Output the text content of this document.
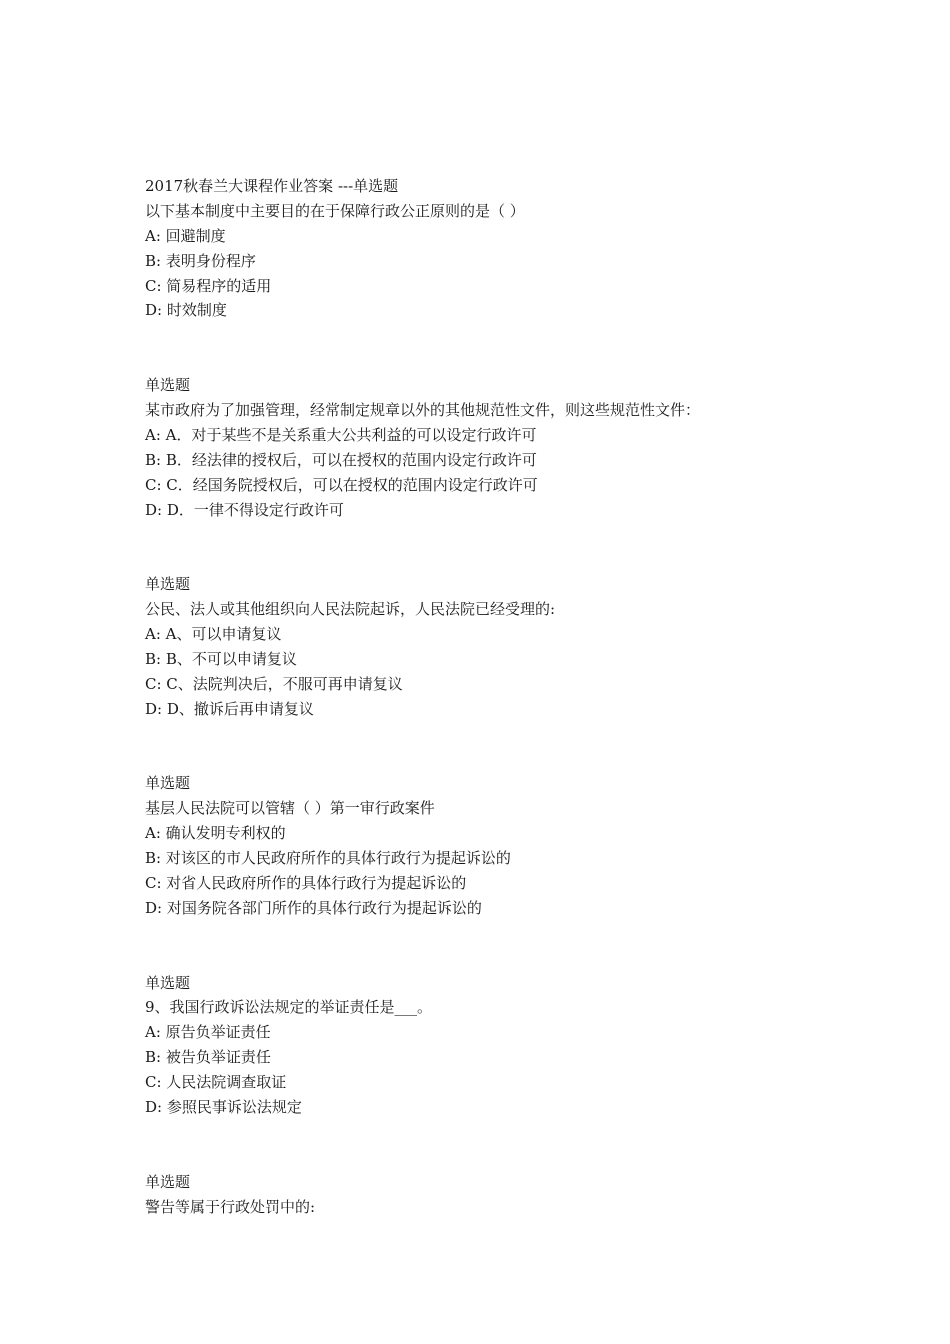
2017秋春兰大课程作业答案 ---单选题
以下基本制度中主要目的在于保障行政公正原则的是（ ）
A: 回避制度
B: 表明身份程序
C: 简易程序的适用
D: 时效制度
单选题
某市政府为了加强管理，经常制定规章以外的其他规范性文件，则这些规范性文件：
A: A．对于某些不是关系重大公共利益的可以设定行政许可
B: B．经法律的授权后，可以在授权的范围内设定行政许可
C: C．经国务院授权后，可以在授权的范围内设定行政许可
D: D．一律不得设定行政许可
单选题
公民、法人或其他组织向人民法院起诉，人民法院已经受理的:
A: A、可以申请复议
B: B、不可以申请复议
C: C、法院判决后，不服可再申请复议
D: D、撤诉后再申请复议
单选题
基层人民法院可以管辖（ ）第一审行政案件
A: 确认发明专利权的
B: 对该区的市人民政府所作的具体行政行为提起诉讼的
C: 对省人民政府所作的具体行政行为提起诉讼的
D: 对国务院各部门所作的具体行政行为提起诉讼的
单选题
9、我国行政诉讼法规定的举证责任是___。
A: 原告负举证责任
B: 被告负举证责任
C: 人民法院调查取证
D: 参照民事诉讼法规定
单选题
警告等属于行政处罚中的:
